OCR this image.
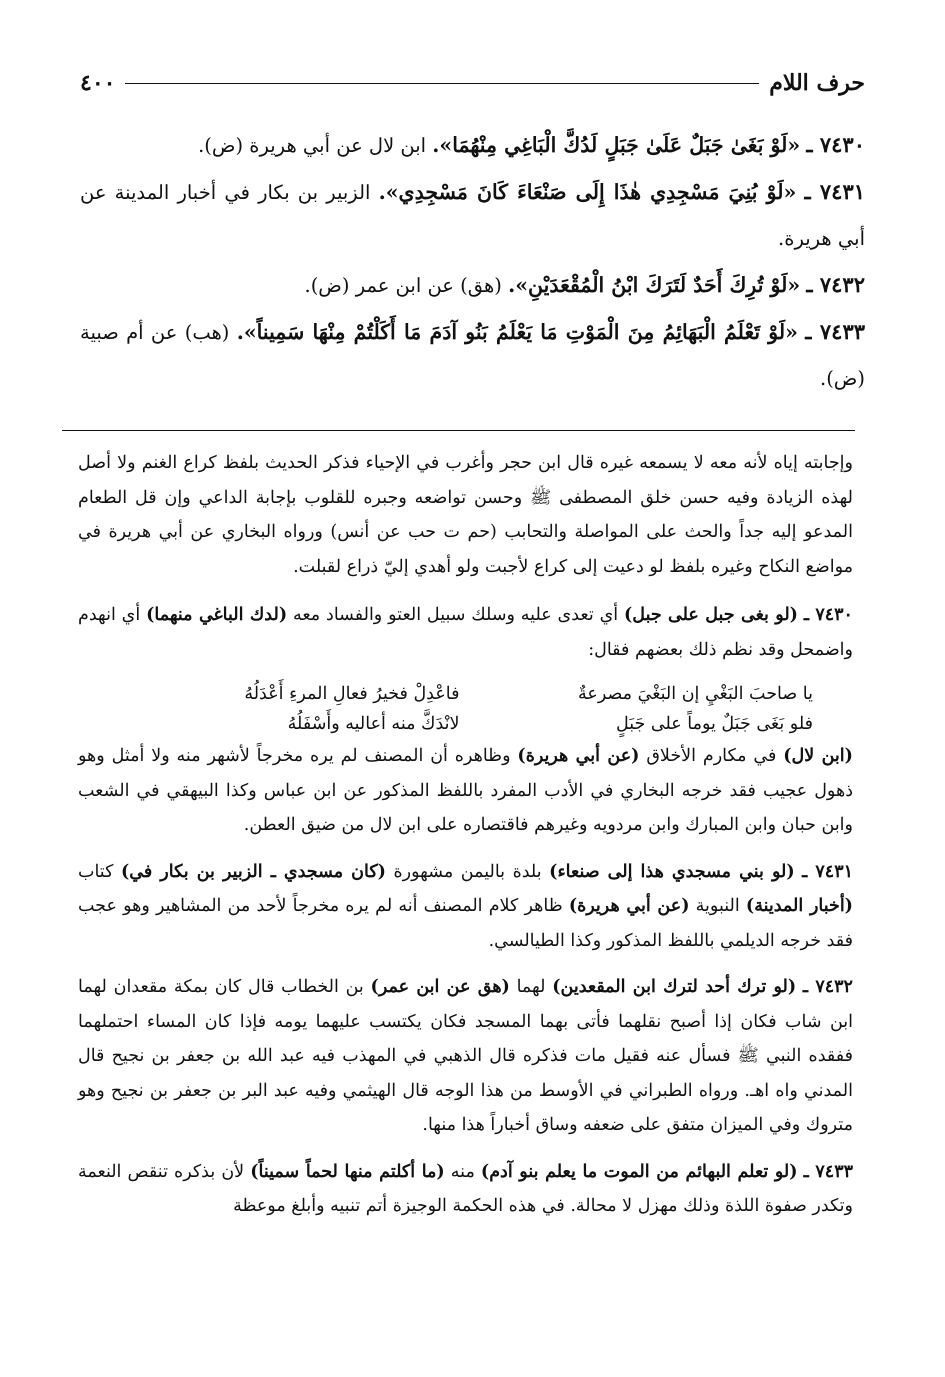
حرف اللام
٤٠٠

٧٤٣٠ ـ «لَوْ بَغَىٰ جَبَلٌ عَلَىٰ جَبَلٍ لَدُكَّ الْبَاغِي مِنْهُمَا». ابن لال عن أبي هريرة (ض).

٧٤٣١ ـ «لَوْ بُنِيَ مَسْجِدِي هٰذَا إِلَى صَنْعَاءَ كَانَ مَسْجِدِي». الزبير بن بكار في أخبار المدينة عن أبي هريرة.

٧٤٣٢ ـ «لَوْ تُرِكَ أَحَدٌ لَتَرَكَ ابْنُ الْمُقْعَدَيْنِ». (هق) عن ابن عمر (ض).

٧٤٣٣ ـ «لَوْ تَعْلَمُ الْبَهَائِمُ مِنَ الْمَوْتِ مَا يَعْلَمُ بَنُو آدَمَ مَا أَكَلْتُمْ مِنْهَا سَمِيناً». (هب) عن أم صبية (ض).

وإجابته إياه لأنه معه لا يسمعه غيره قال ابن حجر وأغرب في الإحياء فذكر الحديث بلفظ كراع الغنم ولا أصل لهذه الزيادة وفيه حسن خلق المصطفى ﷺ وحسن تواضعه وجبره للقلوب بإجابة الداعي وإن قل الطعام المدعو إليه جداً والحث على المواصلة والتحابب (حم ت حب عن أنس) ورواه البخاري عن أبي هريرة في مواضع النكاح وغيره بلفظ لو دعيت إلى كراع لأجبت ولو أهدي إليّ ذراع لقبلت.

٧٤٣٠ ـ (لو بغى جبل على جبل) أي تعدى عليه وسلك سبيل العتو والفساد معه (لدك الباغي منهما) أي انهدم واضمحل وقد نظم ذلك بعضهم فقال:

يا صاحبَ البَغْيِ إن البَغْيَ مصرعةٌ	فاعْدِلْ فخيرُ فعالِ المرءِ أَعْدَلُهُ
فلو بَغَى جَبَلٌ يوماً على جَبَلٍ	لانْدَكَّ منه أعاليه وأَسْفَلُهُ

(ابن لال) في مكارم الأخلاق (عن أبي هريرة) وظاهره أن المصنف لم يره مخرجاً لأشهر منه ولا أمثل وهو ذهول عجيب فقد خرجه البخاري في الأدب المفرد باللفظ المذكور عن ابن عباس وكذا البيهقي في الشعب وابن حبان وابن المبارك وابن مردويه وغيرهم فاقتصاره على ابن لال من ضيق العطن.

٧٤٣١ ـ (لو بني مسجدي هذا إلى صنعاء) بلدة باليمن مشهورة (كان مسجدي ـ الزبير بن بكار في) كتاب (أخبار المدينة) النبوية (عن أبي هريرة) ظاهر كلام المصنف أنه لم يره مخرجاً لأحد من المشاهير وهو عجب فقد خرجه الديلمي باللفظ المذكور وكذا الطيالسي.

٧٤٣٢ ـ (لو ترك أحد لترك ابن المقعدين) لهما (هق عن ابن عمر) بن الخطاب قال كان بمكة مقعدان لهما ابن شاب فكان إذا أصبح نقلهما فأتى بهما المسجد فكان يكتسب عليهما يومه فإذا كان المساء احتملهما ففقده النبي ﷺ فسأل عنه فقيل مات فذكره قال الذهبي في المهذب فيه عبد الله بن جعفر بن نجيح قال المدني واه اهـ. ورواه الطبراني في الأوسط من هذا الوجه قال الهيثمي وفيه عبد البر بن جعفر بن نجيح وهو متروك وفي الميزان متفق على ضعفه وساق أخباراً هذا منها.

٧٤٣٣ ـ (لو تعلم البهائم من الموت ما يعلم بنو آدم) منه (ما أكلتم منها لحماً سميناً) لأن بذكره تنقص النعمة وتكدر صفوة اللذة وذلك مهزل لا محالة. في هذه الحكمة الوجيزة أتم تنبيه وأبلغ موعظة
